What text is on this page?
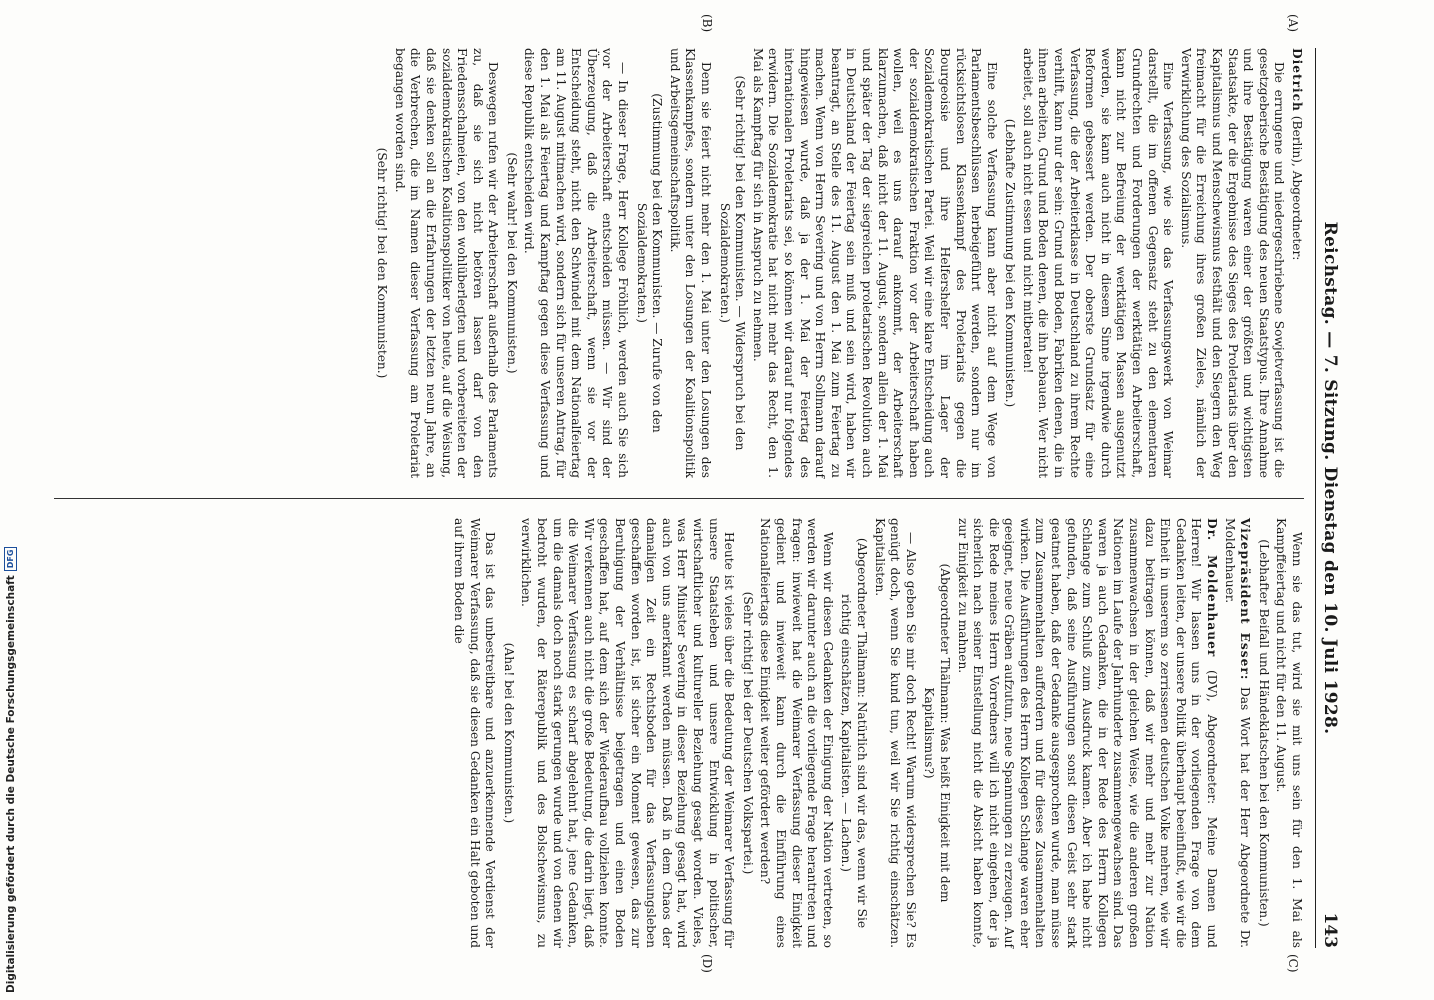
Reichstag. — 7. Sitzung. Dienstag den 10. Juli 1928.
143
(A)
(B)
(C)
(D)

Dietrich (Berlin), Abgeordneter:

Die errungene und niedergeschriebene Sowjetverfassung ist die gesetzgeberische Bestätigung des neuen Staatstypus. Ihre Annahme und ihre Bestätigung waren einer der größten und wichtigsten Staatsakte, der die Ergebnisse des Sieges des Proletariats über den Kapitalismus und Menschewismus festhält und den Siegern den Weg freimacht für die Erreichung ihres großen Zieles, nämlich der Verwirklichung des Sozialismus.

Eine Verfassung, wie sie das Verfassungswerk von Weimar darstellt, die im offenen Gegensatz steht zu den elementaren Grundrechten und Forderungen der werktätigen Arbeiterschaft, kann nicht zur Befreiung der werktätigen Massen ausgenutzt werden, sie kann auch nicht in diesem Sinne irgendwie durch Reformen gebessert werden. Der oberste Grundsatz für eine Verfassung, die der Arbeiterklasse in Deutschland zu ihrem Rechte verhilft, kann nur der sein: Grund und Boden, Fabriken denen, die in ihnen arbeiten, Grund und Boden denen, die ihn bebauen. Wer nicht arbeitet, soll auch nicht essen und nicht mitberaten!

(Lebhafte Zustimmung bei den Kommunisten.)

Eine solche Verfassung kann aber nicht auf dem Wege von Parlamentsbeschlüssen herbeigeführt werden, sondern nur im rücksichtslosen Klassenkampf des Proletariats gegen die Bourgeoisie und ihre Helfershelfer im Lager der Sozialdemokratischen Partei. Weil wir eine klare Entscheidung auch der sozialdemokratischen Fraktion vor der Arbeiterschaft haben wollen, weil es uns darauf ankommt, der Arbeiterschaft klarzumachen, daß nicht der 11. August, sondern allein der 1. Mai und später der Tag der siegreichen proletarischen Revolution auch in Deutschland der Feiertag sein muß und sein wird, haben wir beantragt, an Stelle des 11. August den 1. Mai zum Feiertag zu machen. Wenn von Herrn Severing und von Herrn Sollmann darauf hingewiesen wurde, daß ja der 1. Mai der Feiertag des internationalen Proletariats sei, so können wir darauf nur folgendes erwidern. Die Sozialdemokratie hat nicht mehr das Recht, den 1. Mai als Kampftag für sich in Anspruch zu nehmen.

(Sehr richtig! bei den Kommunisten. — Widerspruch bei den Sozialdemokraten.)

Denn sie feiert nicht mehr den 1. Mai unter den Losungen des Klassenkampfes, sondern unter den Losungen der Koalitionspolitik und Arbeitsgemeinschaftspolitik.

(Zustimmung bei den Kommunisten. — Zurufe von den Sozialdemokraten.)

— In dieser Frage, Herr Kollege Fröhlich, werden auch Sie sich vor der Arbeiterschaft entscheiden müssen. — Wir sind der Überzeugung, daß die Arbeiterschaft, wenn sie vor der Entscheidung steht, nicht den Schwindel mit dem Nationalfeiertag am 11. August mitmachen wird, sondern sich für unseren Antrag, für den 1. Mai als Feiertag und Kampftag gegen diese Verfassung und diese Republik entscheiden wird.

(Sehr wahr! bei den Kommunisten.)

Deswegen rufen wir der Arbeiterschaft außerhalb des Parlaments zu, daß sie sich nicht betören lassen darf von den Friedensschalmeien, von den wohlüberlegten und vorbereiteten der sozialdemokratischen Koalitionspolitiker von heute, auf die Weisung, daß sie denken soll an die Erfahrungen der letzten neun Jahre, an die Verbrechen, die im Namen dieser Verfassung am Proletariat begangen worden sind.

(Sehr richtig! bei den Kommunisten.)

Wenn sie das tut, wird sie mit uns sein für den 1. Mai als Kampffeiertag und nicht für den 11. August.

(Lebhafter Beifall und Händeklatschen bei den Kommunisten.)

Vizepräsident Esser: Das Wort hat der Herr Abgeordnete Dr. Moldenhauer.

Dr. Moldenhauer (DV), Abgeordneter: Meine Damen und Herren! Wir lassen uns in der vorliegenden Frage von dem Gedanken leiten, der unsere Politik überhaupt beeinflußt, wie wir die Einheit in unserem so zerrissenen deutschen Volke mehren, wie wir dazu beitragen können, daß wir mehr und mehr zur Nation zusammenwachsen in der gleichen Weise, wie die anderen großen Nationen im Laufe der Jahrhunderte zusammengewachsen sind. Das waren ja auch Gedanken, die in der Rede des Herrn Kollegen Schlange zum Schluß zum Ausdruck kamen. Aber ich habe nicht gefunden, daß seine Ausführungen sonst diesen Geist sehr stark geatmet haben, daß der Gedanke ausgesprochen wurde, man müsse zum Zusammenhalten auffordern und für dieses Zusammenhalten wirken. Die Ausführungen des Herrn Kollegen Schlange waren eher geeignet, neue Gräben aufzutun, neue Spannungen zu erzeugen. Auf die Rede meines Herrn Vorredners will ich nicht eingehen, der ja sicherlich nach seiner Einstellung nicht die Absicht haben konnte, zur Einigkeit zu mahnen.

(Abgeordneter Thälmann: Was heißt Einigkeit mit dem Kapitalismus?)

— Also geben Sie mir doch Recht! Warum widersprechen Sie? Es genügt doch, wenn Sie kund tun, weil wir Sie richtig einschätzen. Kapitalisten.

(Abgeordneter Thälmann: Natürlich sind wir das, wenn wir Sie richtig einschätzen, Kapitalisten. — Lachen.)

Wenn wir diesen Gedanken der Einigung der Nation vertreten, so werden wir darunter auch an die vorliegende Frage herantreten und fragen: inwieweit hat die Weimarer Verfassung dieser Einigkeit gedient und inwieweit kann durch die Einführung eines Nationalfeiertags diese Einigkeit weiter gefördert werden?

(Sehr richtig! bei der Deutschen Volkspartei.)

Heute ist vieles über die Bedeutung der Weimarer Verfassung für unsere Staatsleben und unsere Entwicklung in politischer, wirtschaftlicher und kultureller Beziehung gesagt worden. Vieles, was Herr Minister Severing in dieser Beziehung gesagt hat, wird auch von uns anerkannt werden müssen. Daß in dem Chaos der damaligen Zeit ein Rechtsboden für das Verfassungsleben geschaffen worden ist, ist sicher ein Moment gewesen, das zur Beruhigung der Verhältnisse beigetragen und einen Boden geschaffen hat, auf dem sich der Wiederaufbau vollziehen konnte. Wir verkennen auch nicht die große Bedeutung, die darin liegt, daß die Weimarer Verfassung es scharf abgelehnt hat, jene Gedanken, um die damals doch noch stark gerungen wurde und von denen wir bedroht wurden, der Räterepublik und des Bolschewismus, zu verwirklichen.

(Aha! bei den Kommunisten.)

Das ist das unbestreitbare und anzuerkennende Verdienst der Weimarer Verfassung, daß sie diesen Gedanken ein Halt geboten und auf ihrem Boden die

Digitalisierung gefördert durch die Deutsche Forschungsgemeinschaft
DFG
